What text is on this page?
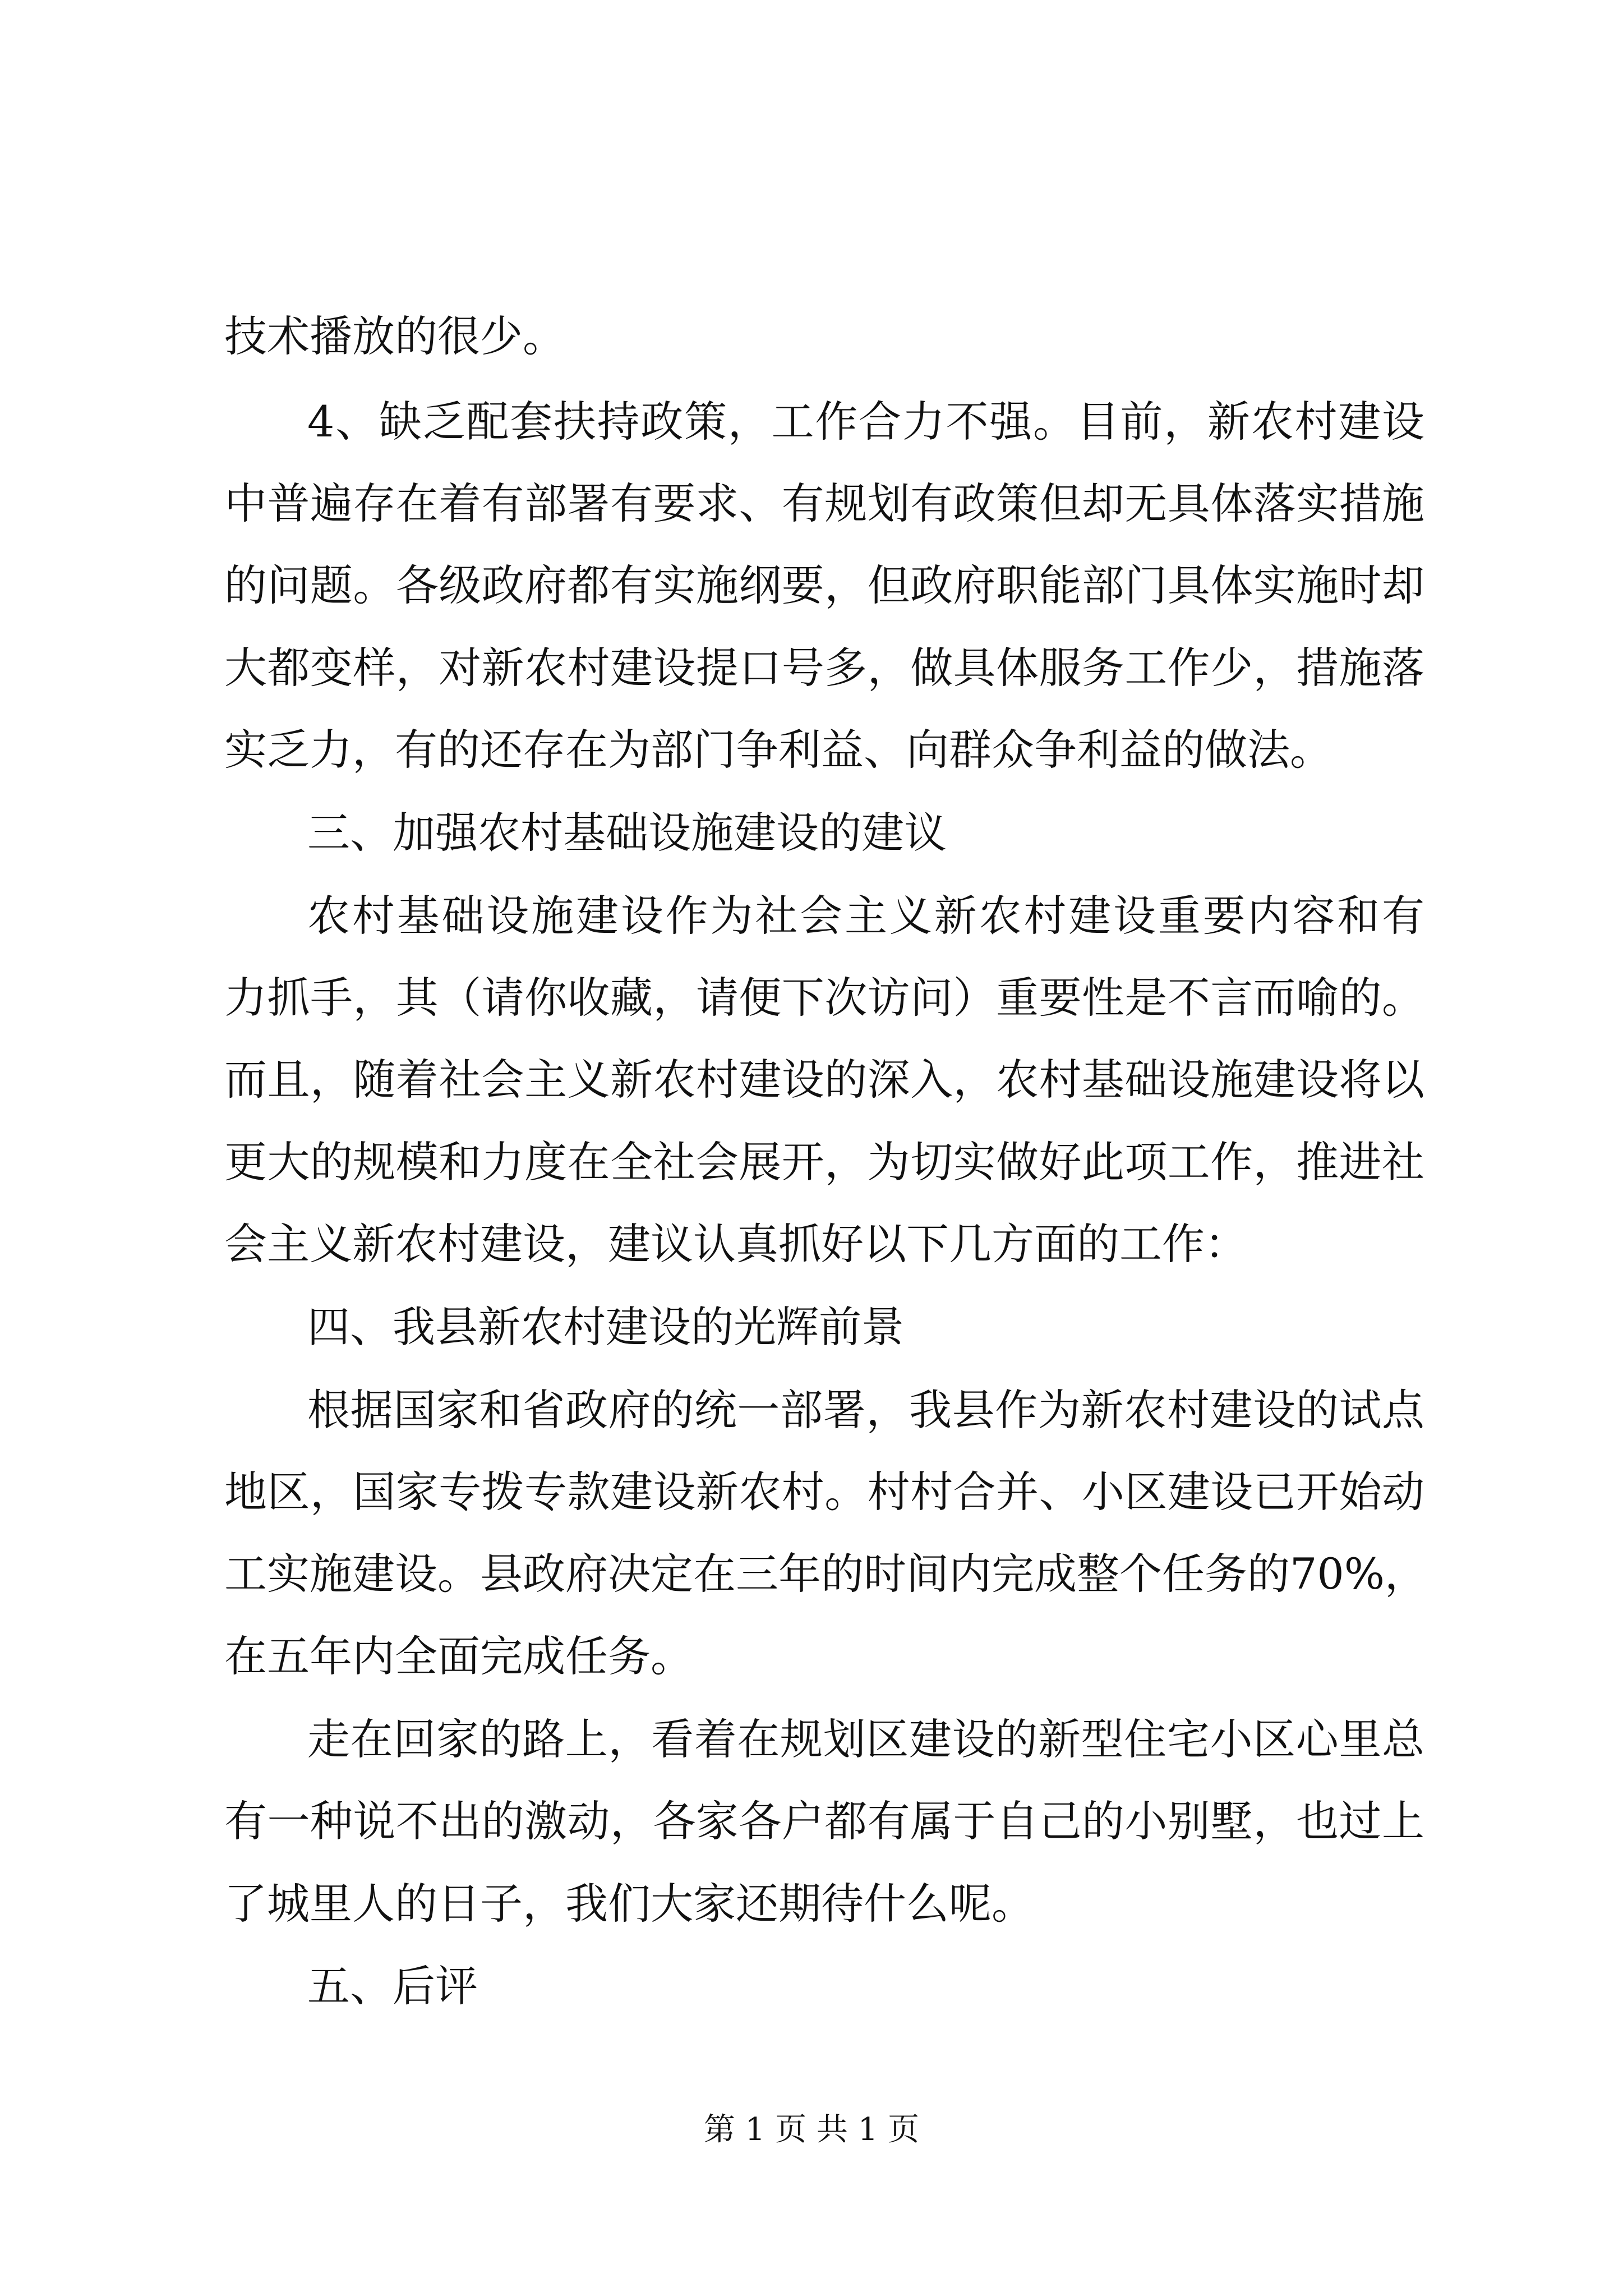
技术播放的很少。
4、缺乏配套扶持政策，工作合力不强。目前，新农村建设
中普遍存在着有部署有要求、有规划有政策但却无具体落实措施
的问题。各级政府都有实施纲要，但政府职能部门具体实施时却
大都变样，对新农村建设提口号多，做具体服务工作少，措施落
实乏力，有的还存在为部门争利益、向群众争利益的做法。
三、加强农村基础设施建设的建议
农村基础设施建设作为社会主义新农村建设重要内容和有
力抓手，其（请你收藏，请便下次访问）重要性是不言而喻的。
而且，随着社会主义新农村建设的深入，农村基础设施建设将以
更大的规模和力度在全社会展开，为切实做好此项工作，推进社
会主义新农村建设，建议认真抓好以下几方面的工作：
四、我县新农村建设的光辉前景
根据国家和省政府的统一部署，我县作为新农村建设的试点
地区，国家专拨专款建设新农村。村村合并、小区建设已开始动
工实施建设。县政府决定在三年的时间内完成整个任务的70%，
在五年内全面完成任务。
走在回家的路上，看着在规划区建设的新型住宅小区心里总
有一种说不出的激动，各家各户都有属于自己的小别墅，也过上
了城里人的日子，我们大家还期待什么呢。
五、后评
第 1 页 共 1 页
